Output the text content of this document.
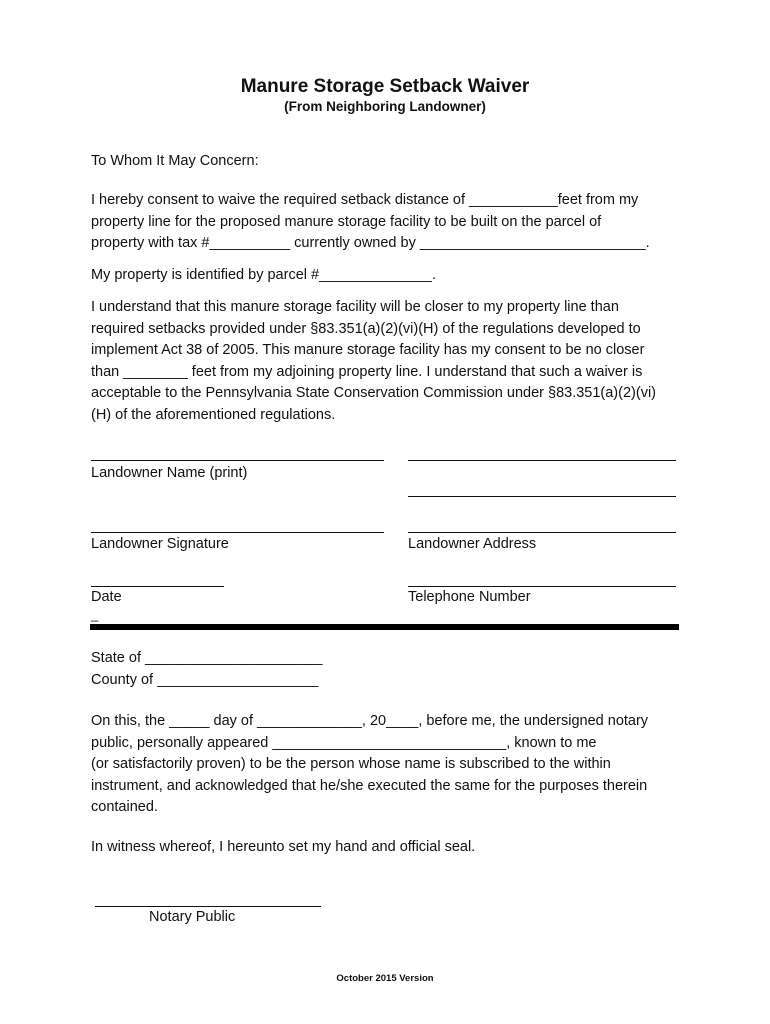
Manure Storage Setback Waiver
(From Neighboring Landowner)
To Whom It May Concern:
I hereby consent to waive the required setback distance of ___________feet from my
property line for the proposed manure storage facility to be built on the parcel of
property with tax #__________ currently owned by ____________________________.
My property is identified by parcel #______________.
I understand that this manure storage facility will be closer to my property line than
required setbacks provided under §83.351(a)(2)(vi)(H) of the regulations developed to
implement Act 38 of 2005. This manure storage facility has my consent to be no closer
than ________ feet from my adjoining property line. I understand that such a waiver is
acceptable to the Pennsylvania State Conservation Commission under §83.351(a)(2)(vi)
(H) of the aforementioned regulations.
Landowner Name (print)
Landowner Signature	Landowner Address
Date	Telephone Number
_
State of ______________________
County of ____________________
On this, the _____ day of _____________, 20____, before me, the undersigned notary
public, personally appeared _____________________________, known to me
(or satisfactorily proven) to be the person whose name is subscribed to the within
instrument, and acknowledged that he/she executed the same for the purposes therein
contained.
In witness whereof, I hereunto set my hand and official seal.
Notary Public
October 2015 Version
